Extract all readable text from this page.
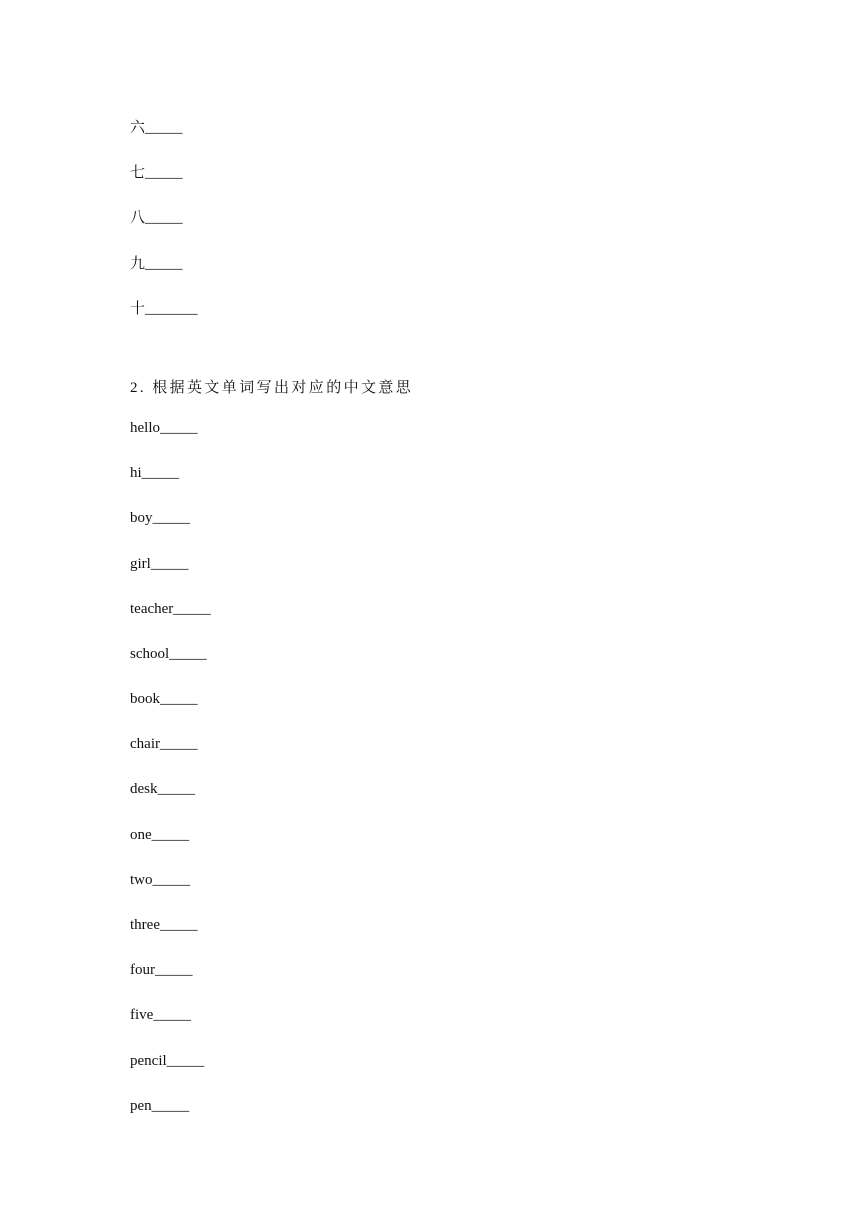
六_____
七_____
八_____
九_____
十_______
2. 根据英文单词写出对应的中文意思
hello_____
hi_____
boy_____
girl_____
teacher_____
school_____
book_____
chair_____
desk_____
one_____
two_____
three_____
four_____
five_____
pencil_____
pen_____
